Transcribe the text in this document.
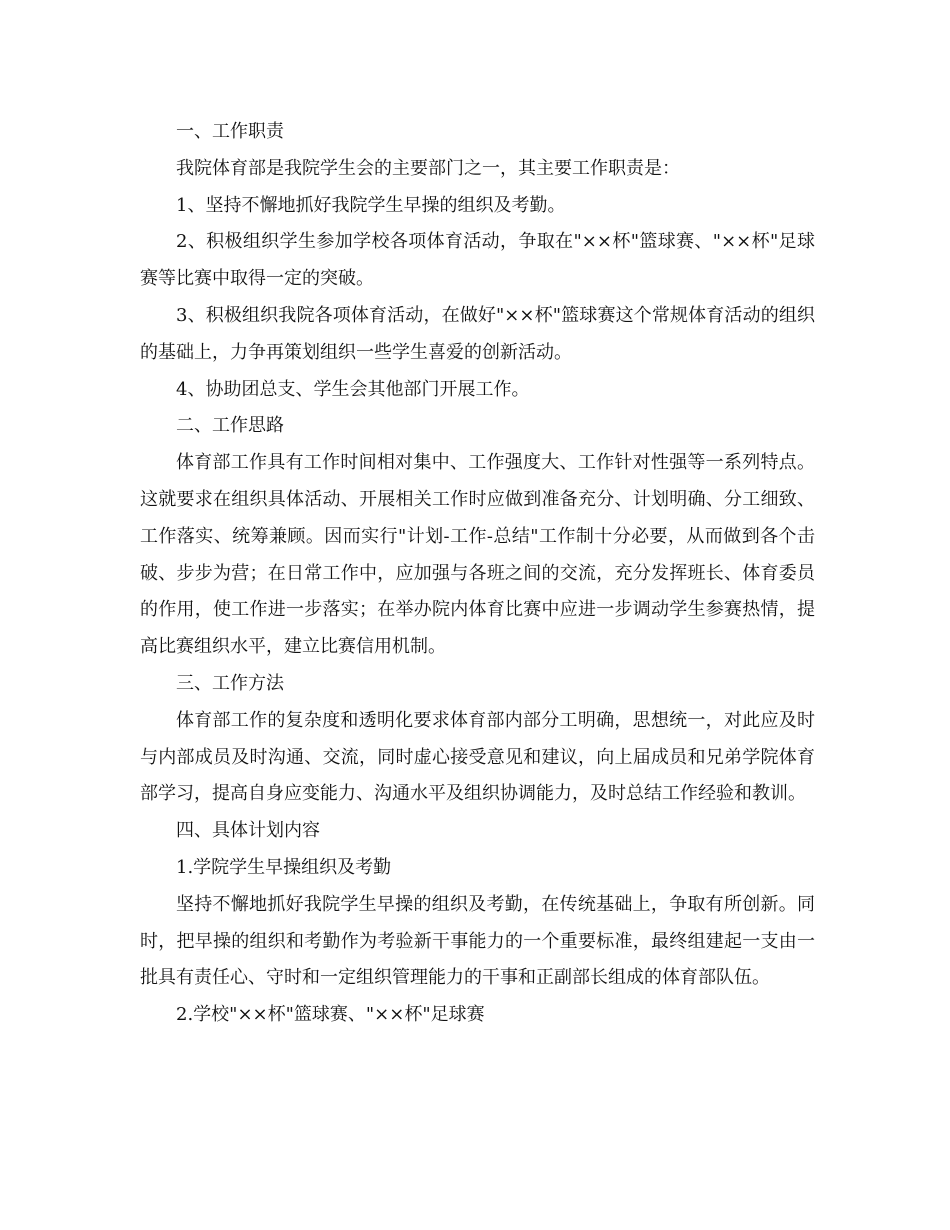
一、工作职责

我院体育部是我院学生会的主要部门之一，其主要工作职责是：

1、坚持不懈地抓好我院学生早操的组织及考勤。

2、积极组织学生参加学校各项体育活动，争取在"××杯"篮球赛、"××杯"足球赛等比赛中取得一定的突破。

3、积极组织我院各项体育活动，在做好"××杯"篮球赛这个常规体育活动的组织的基础上，力争再策划组织一些学生喜爱的创新活动。

4、协助团总支、学生会其他部门开展工作。

二、工作思路

体育部工作具有工作时间相对集中、工作强度大、工作针对性强等一系列特点。这就要求在组织具体活动、开展相关工作时应做到准备充分、计划明确、分工细致、工作落实、统筹兼顾。因而实行"计划-工作-总结"工作制十分必要，从而做到各个击破、步步为营；在日常工作中，应加强与各班之间的交流，充分发挥班长、体育委员的作用，使工作进一步落实；在举办院内体育比赛中应进一步调动学生参赛热情，提高比赛组织水平，建立比赛信用机制。

三、工作方法

体育部工作的复杂度和透明化要求体育部内部分工明确，思想统一，对此应及时与内部成员及时沟通、交流，同时虚心接受意见和建议，向上届成员和兄弟学院体育部学习，提高自身应变能力、沟通水平及组织协调能力，及时总结工作经验和教训。

四、具体计划内容

1.学院学生早操组织及考勤

坚持不懈地抓好我院学生早操的组织及考勤，在传统基础上，争取有所创新。同时，把早操的组织和考勤作为考验新干事能力的一个重要标准，最终组建起一支由一批具有责任心、守时和一定组织管理能力的干事和正副部长组成的体育部队伍。

2.学校"××杯"篮球赛、"××杯"足球赛
